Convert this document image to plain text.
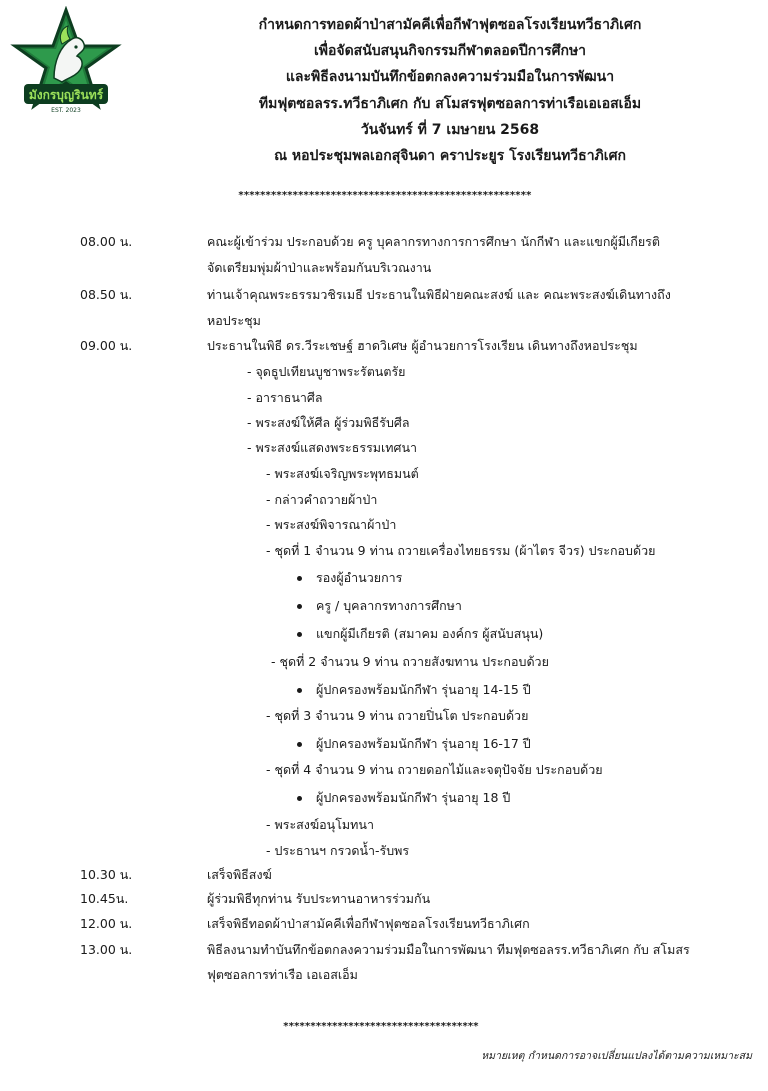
มังกรบุญรินทร์
EST. 2023
กำหนดการทอดผ้าป่าสามัคคีเพื่อกีฬาฟุตซอลโรงเรียนทวีธาภิเศก
เพื่อจัดสนับสนุนกิจกรรมกีฬาตลอดปีการศึกษา
และพิธีลงนามบันทึกข้อตกลงความร่วมมือในการพัฒนา
ทีมฟุตซอลรร.ทวีธาภิเศก กับ สโมสรฟุตซอลการท่าเรือเอเอสเอ็ม
วันจันทร์ ที่ 7 เมษายน 2568
ณ หอประชุมพลเอกสุจินดา คราประยูร โรงเรียนทวีธาภิเศก
******************************************************
08.00 น.	คณะผู้เข้าร่วม ประกอบด้วย ครู บุคลากรทางการการศึกษา นักกีฬา และแขกผู้มีเกียรติ
จัดเตรียมพุ่มผ้าป่าและพร้อมกันบริเวณงาน
08.50 น.	ท่านเจ้าคุณพระธรรมวชิรเมธี ประธานในพิธีฝ่ายคณะสงฆ์ และ คณะพระสงฆ์เดินทางถึง
หอประชุม
09.00 น.	ประธานในพิธี ดร.วีระเชษฐ์ ฮาดวิเศษ ผู้อำนวยการโรงเรียน เดินทางถึงหอประชุม
- จุดธูปเทียนบูชาพระรัตนตรัย
- อาราธนาศีล
- พระสงฆ์ให้ศีล ผู้ร่วมพิธีรับศีล
- พระสงฆ์แสดงพระธรรมเทศนา
- พระสงฆ์เจริญพระพุทธมนต์
- กล่าวคำถวายผ้าป่า
- พระสงฆ์พิจารณาผ้าป่า
- ชุดที่ 1 จำนวน 9 ท่าน ถวายเครื่องไทยธรรม (ผ้าไตร จีวร) ประกอบด้วย
รองผู้อำนวยการ
ครู / บุคลากรทางการศึกษา
แขกผู้มีเกียรติ (สมาคม องค์กร ผู้สนับสนุน)
- ชุดที่ 2 จำนวน 9 ท่าน ถวายสังฆทาน ประกอบด้วย
ผู้ปกครองพร้อมนักกีฬา รุ่นอายุ 14-15 ปี
- ชุดที่ 3 จำนวน 9 ท่าน ถวายปิ่นโต ประกอบด้วย
ผู้ปกครองพร้อมนักกีฬา รุ่นอายุ 16-17 ปี
- ชุดที่ 4 จำนวน 9 ท่าน ถวายดอกไม้และจตุปัจจัย ประกอบด้วย
ผู้ปกครองพร้อมนักกีฬา รุ่นอายุ 18 ปี
- พระสงฆ์อนุโมทนา
- ประธานฯ กรวดน้ำ-รับพร
10.30 น.	เสร็จพิธีสงฆ์
10.45น.	ผู้ร่วมพิธีทุกท่าน รับประทานอาหารร่วมกัน
12.00 น.	เสร็จพิธีทอดผ้าป่าสามัคคีเพื่อกีฬาฟุตซอลโรงเรียนทวีธาภิเศก
13.00 น.	พิธีลงนามทำบันทึกข้อตกลงความร่วมมือในการพัฒนา ทีมฟุตซอลรร.ทวีธาภิเศก กับ สโมสร
ฟุตซอลการท่าเรือ เอเอสเอ็ม
************************************
หมายเหตุ กำหนดการอาจเปลี่ยนแปลงได้ตามความเหมาะสม
